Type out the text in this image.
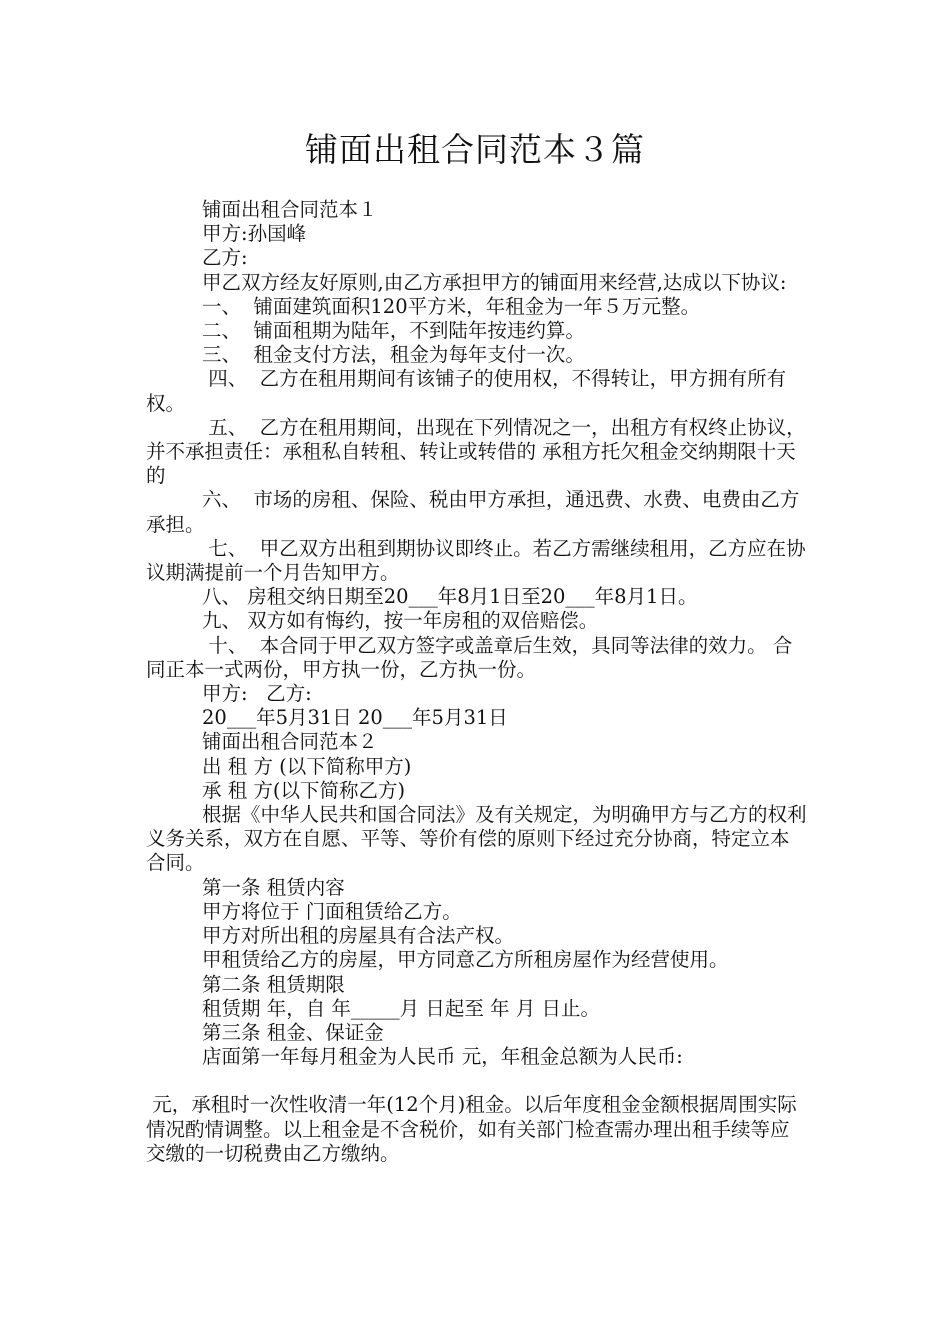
铺面出租合同范本３篇

铺面出租合同范本１

甲方:孙国峰

乙方:

甲乙双方经友好原则,由乙方承担甲方的铺面用来经营,达成以下协议:

一、  铺面建筑面积120平方米，年租金为一年５万元整。

二、  铺面租期为陆年，不到陆年按违约算。

三、  租金支付方法，租金为每年支付一次。

四、  乙方在租用期间有该铺子的使用权，不得转让，甲方拥有所有权。

五、  乙方在租用期间，出现在下列情况之一，出租方有权终止协议，并不承担责任：承租私自转租、转让或转借的 承租方托欠租金交纳期限十天的

六、  市场的房租、保险、税由甲方承担，通迅费、水费、电费由乙方承担。

七、  甲乙双方出租到期协议即终止。若乙方需继续租用，乙方应在协议期满提前一个月告知甲方。

八、 房租交纳日期至20___年8月1日至20___年8月1日。

九、 双方如有悔约，按一年房租的双倍赔偿。

十、  本合同于甲乙双方签字或盖章后生效，具同等法律的效力。 合同正本一式两份，甲方执一份，乙方执一份。

甲方:   乙方:

20___年5月31日 20___年5月31日

铺面出租合同范本２

出 租 方 (以下简称甲方)

承 租 方(以下简称乙方)

根据《中华人民共和国合同法》及有关规定，为明确甲方与乙方的权利义务关系，双方在自愿、平等、等价有偿的原则下经过充分协商，特定立本合同。

第一条 租赁内容

甲方将位于 门面租赁给乙方。

甲方对所出租的房屋具有合法产权。

甲租赁给乙方的房屋，甲方同意乙方所租房屋作为经营使用。

第二条 租赁期限

租赁期 年，自 年_____月 日起至 年 月 日止。

第三条 租金、保证金

店面第一年每月租金为人民币 元，年租金总额为人民币:

元，承租时一次性收清一年(12个月)租金。以后年度租金金额根据周围实际情况酌情调整。以上租金是不含税价，如有关部门检查需办理出租手续等应交缴的一切税费由乙方缴纳。
